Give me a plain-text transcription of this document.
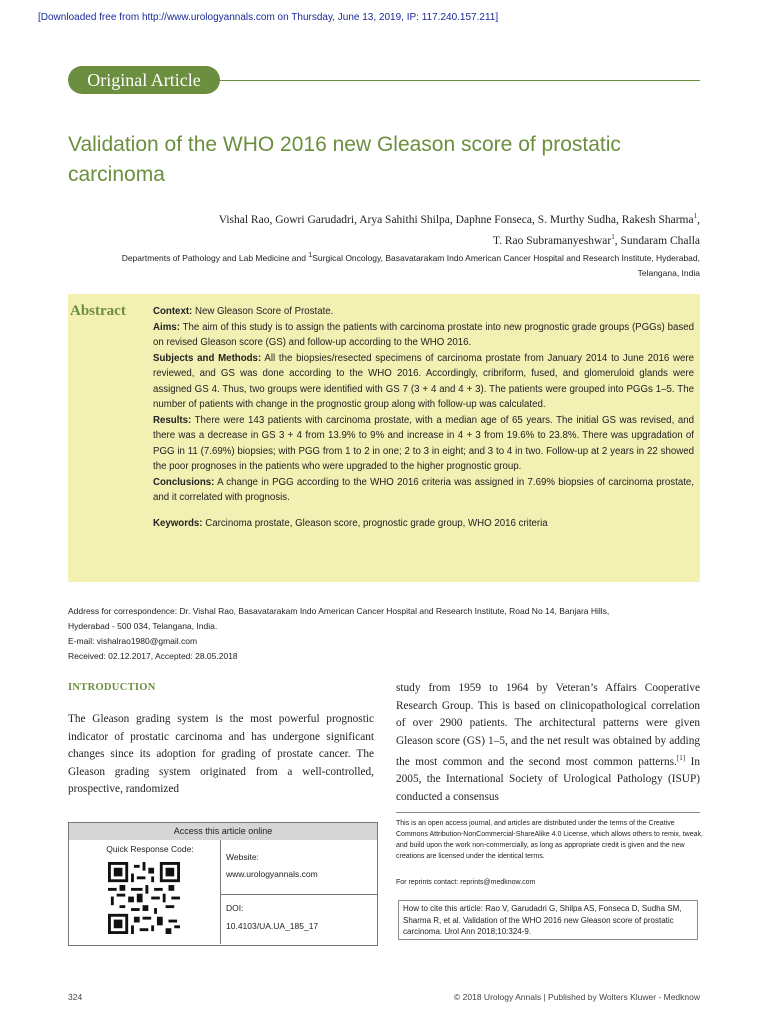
[Downloaded free from http://www.urologyannals.com on Thursday, June 13, 2019, IP: 117.240.157.211]
Original Article
Validation of the WHO 2016 new Gleason score of prostatic carcinoma
Vishal Rao, Gowri Garudadri, Arya Sahithi Shilpa, Daphne Fonseca, S. Murthy Sudha, Rakesh Sharma$^1$,
T. Rao Subramanyeshwar$^1$, Sundaram Challa
Departments of Pathology and Lab Medicine and $^1$Surgical Oncology, Basavatarakam Indo American Cancer Hospital and Research Institute, Hyderabad, Telangana, India
Abstract	Context: New Gleason Score of Prostate.

Aims: The aim of this study is to assign the patients with carcinoma prostate into new prognostic grade groups (PGGs) based on revised Gleason score (GS) and follow-up according to the WHO 2016.

Subjects and Methods: All the biopsies/resected specimens of carcinoma prostate from January 2014 to June 2016 were reviewed, and GS was done according to the WHO 2016. Accordingly, cribriform, fused, and glomeruloid glands were assigned GS 4. Thus, two groups were identified with GS 7 (3 + 4 and 4 + 3). The patients were grouped into PGGs 1–5. The number of patients with change in the prognostic group along with follow-up was calculated.

Results: There were 143 patients with carcinoma prostate, with a median age of 65 years. The initial GS was revised, and there was a decrease in GS 3 + 4 from 13.9% to 9% and increase in 4 + 3 from 19.6% to 23.8%. There was upgradation of PGG in 11 (7.69%) biopsies; with PGG from 1 to 2 in one; 2 to 3 in eight; and 3 to 4 in two. Follow-up at 2 years in 22 showed the poor prognoses in the patients who were upgraded to the higher prognostic group.

Conclusions: A change in PGG according to the WHO 2016 criteria was assigned in 7.69% biopsies of carcinoma prostate, and it correlated with prognosis.

Keywords: Carcinoma prostate, Gleason score, prognostic grade group, WHO 2016 criteria

Address for correspondence: Dr. Vishal Rao, Basavatarakam Indo American Cancer Hospital and Research Institute, Road No 14, Banjara Hills,
Hyderabad - 500 034, Telangana, India.
E-mail: vishalrao1980@gmail.com
Received: 02.12.2017, Accepted: 28.05.2018
INTRODUCTION
The Gleason grading system is the most powerful prognostic indicator of prostatic carcinoma and has undergone significant changes since its adoption for grading of prostate cancer. The Gleason grading system originated from a well-controlled, prospective, randomized
study from 1959 to 1964 by Veteran’s Affairs Cooperative Research Group. This is based on clinicopathological correlation of over 2900 patients. The architectural patterns were given Gleason score (GS) 1–5, and the net result was obtained by adding the most common and the second most common patterns.[1] In 2005, the International Society of Urological Pathology (ISUP) conducted a consensus
Access this article online
Quick Response Code:
Website:
www.urologyannals.com
DOI:
10.4103/UA.UA_185_17
This is an open access journal, and articles are distributed under the terms of the Creative Commons Attribution-NonCommercial-ShareAlike 4.0 License, which allows others to remix, tweak, and build upon the work non-commercially, as long as appropriate credit is given and the new creations are licensed under the identical terms.
For reprints contact: reprints@medknow.com
How to cite this article: Rao V, Garudadri G, Shilpa AS, Fonseca D, Sudha SM, Sharma R, et al. Validation of the WHO 2016 new Gleason score of prostatic carcinoma. Urol Ann 2018;10:324-9.
324	© 2018 Urology Annals | Published by Wolters Kluwer - Medknow
